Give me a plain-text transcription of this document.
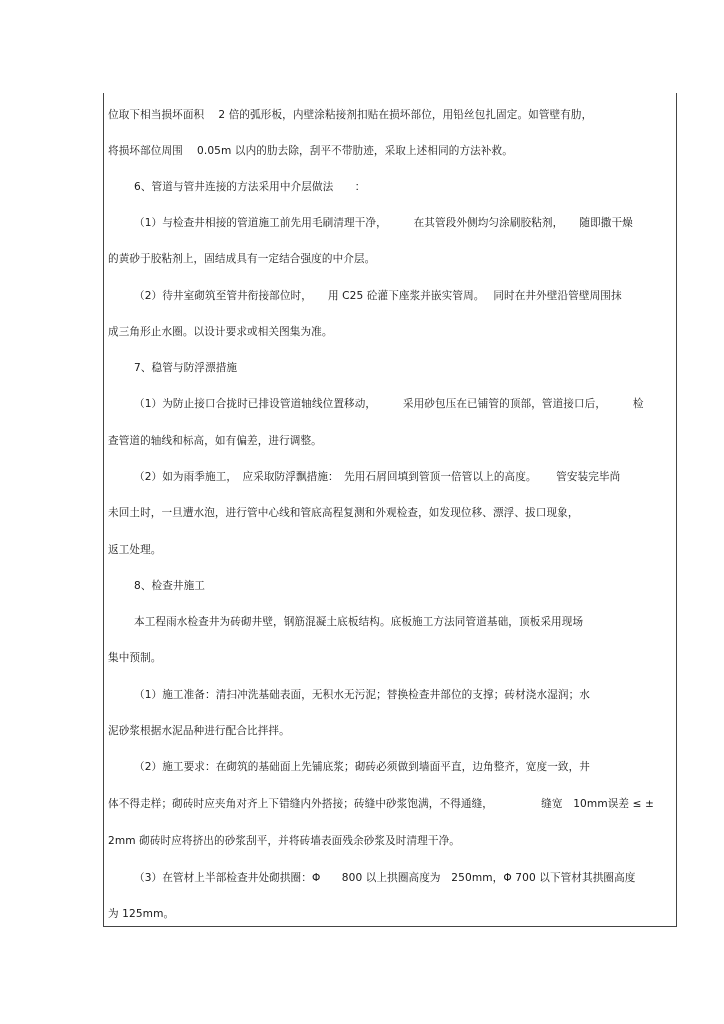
位取下相当损坏面积　 2 倍的弧形板，内壁涂粘接剂扣贴在损坏部位，用铅丝包扎固定。如管壁有肋，
将损坏部位周围　 0.05m 以内的肋去除，刮平不带肋迹，采取上述相同的方法补救。
6、管道与管井连接的方法采用中介层做法　　：
（1）与检查井相接的管道施工前先用毛刷清理干净，　　　在其管段外侧均匀涂刷胶粘剂，　　随即撒干燥
的黄砂于胶粘剂上，固结成具有一定结合强度的中介层。
（2）待井室砌筑至管井衔接部位时，　　用 C25 砼灌下座浆并嵌实管周。　 同时在井外壁沿管壁周围抹
成三角形止水圈。以设计要求或相关图集为准。
7、稳管与防浮漂措施
（1）为防止接口合拢时已排设管道轴线位置移动，　　　采用砂包压在已铺管的顶部，管道接口后，　　　检
查管道的轴线和标高，如有偏差，进行调整。
（2）如为雨季施工，　应采取防浮飘措施：　先用石屑回填到管顶一倍管以上的高度。　　 管安装完毕尚
未回土时，一旦遭水泡，进行管中心线和管底高程复测和外观检查，如发现位移、漂浮、拔口现象，
返工处理。
8、检查井施工
本工程雨水检查井为砖砌井壁，钢筋混凝土底板结构。底板施工方法同管道基础，顶板采用现场
集中预制。
（1）施工准备：清扫冲洗基础表面，无积水无污泥；替换检查井部位的支撑；砖材浇水湿润；水
泥砂浆根据水泥品种进行配合比拌拌。
（2）施工要求：在砌筑的基础面上先铺底浆；砌砖必须做到墙面平直，边角整齐，宽度一致，井
体不得走样；砌砖时应夹角对齐上下错缝内外搭接；砖缝中砂浆饱满，不得通缝，　　　　　缝宽　10mm误差 ≤ ±
2mm 砌砖时应将挤出的砂浆刮平，并将砖墙表面残余砂浆及时清理干净。
（3）在管材上半部检查井处砌拱圈：Φ　　800 以上拱圈高度为　250mm，Φ 700 以下管材其拱圈高度
为 125mm。
